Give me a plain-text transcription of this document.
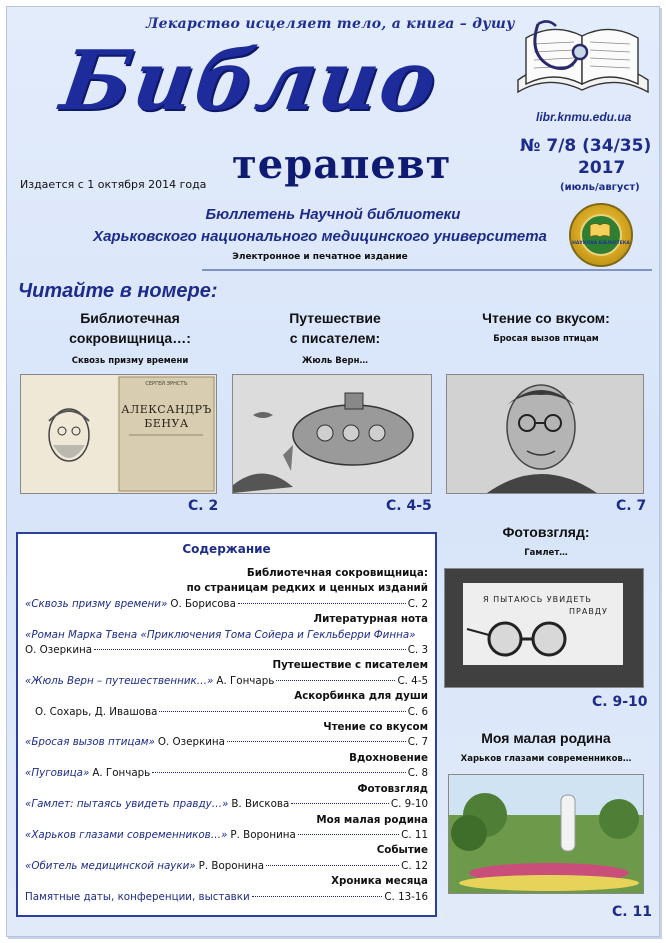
Лекарство исцеляет тело, а книга – душу
Библио
терапевт
Издается с 1 октября 2014 года
libr.knmu.edu.ua
№ 7/8 (34/35)
2017
(июль/август)
НАУКОВА БІБЛІОТЕКА
Бюллетень Научной библиотеки
Харьковского национального медицинского университета
Электронное и печатное издание
Читайте в номере:
Библиотечная
сокровищница…:
Сквозь призму времени
СЕРГЕЙ ЭРНСТЪ
АЛЕКСАНДРЪ
БЕНУА
С. 2
Путешествие
с писателем:
Жюль Верн…
С. 4-5
Чтение со вкусом:
Бросая вызов птицам
С. 7
Фотовзгляд:
Гамлет…
Я ПЫТАЮСЬ УВИДЕТЬ
ПРАВДУ
С. 9-10
Моя малая родина
Харьков глазами современников…
С. 11
Содержание
Библиотечная сокровищница:
по страницам редких и ценных изданий
«Сквозь призму времени» О. Борисова	С. 2
Литературная нота
«Роман Марка Твена «Приключения Тома Сойера и Гекльберри Финна»
О. Озеркина	С. 3
Путешествие с писателем
«Жюль Верн – путешественник…» А. Гончарь	С. 4-5
Аскорбинка для души
О. Сохарь, Д. Ивашова	С. 6
Чтение со вкусом
«Бросая вызов птицам» О. Озеркина	С. 7
Вдохновение
«Пуговица» А. Гончарь	С. 8
Фотовзгляд
«Гамлет: пытаясь увидеть правду…» В. Вискова	С. 9-10
Моя малая родина
«Харьков глазами современников…» Р. Воронина	С. 11
Событие
«Обитель медицинской науки» Р. Воронина	С. 12
Хроника месяца
Памятные даты, конференции, выставки	С. 13-16
